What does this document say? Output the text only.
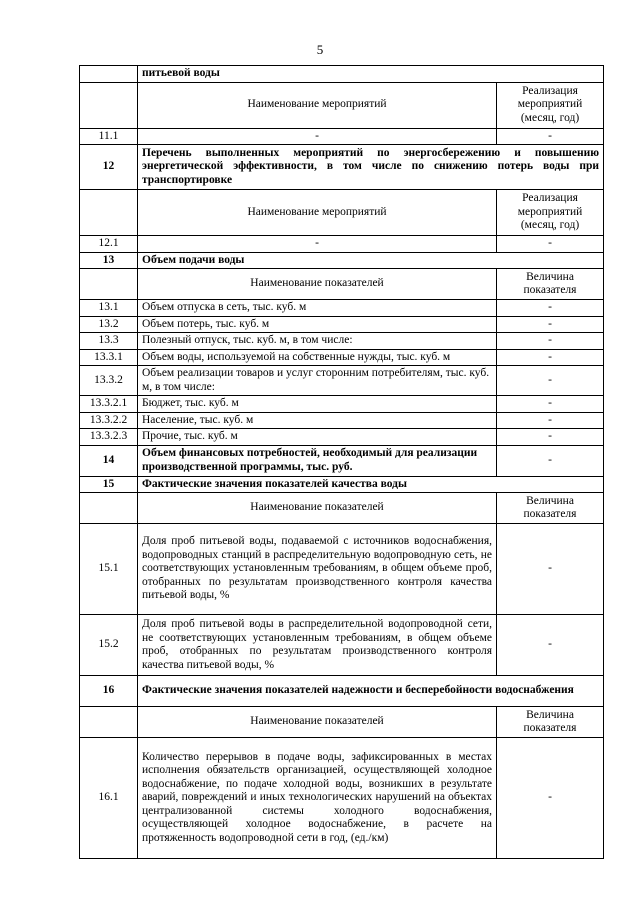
5
	питьевой воды	
	Наименование мероприятий	Реализация мероприятий (месяц, год)
11.1	-	-
12	Перечень выполненных мероприятий по энергосбережению и повышению энергетической эффективности, в том числе по снижению потерь воды при транспортировке	
	Наименование мероприятий	Реализация мероприятий (месяц, год)
12.1	-	-
13	Объем подачи воды	
	Наименование показателей	Величина показателя
13.1	Объем отпуска в сеть, тыс. куб. м	-
13.2	Объем потерь, тыс. куб. м	-
13.3	Полезный отпуск, тыс. куб. м, в том числе:	-
13.3.1	Объем воды, используемой на собственные нужды, тыс. куб. м	-
13.3.2	Объем реализации товаров и услуг сторонним потребителям, тыс. куб. м, в том числе:	-
13.3.2.1	Бюджет, тыс. куб. м	-
13.3.2.2	Население, тыс. куб. м	-
13.3.2.3	Прочие, тыс. куб. м	-
14	Объем финансовых потребностей, необходимый для реализации производственной программы, тыс. руб.	-
15	Фактические значения показателей качества воды	
	Наименование показателей	Величина показателя
15.1	Доля проб питьевой воды, подаваемой с источников водоснабжения, водопроводных станций в распределительную водопроводную сеть, не соответствующих установленным требованиям, в общем объеме проб, отобранных по результатам производственного контроля качества питьевой воды, %	-
15.2	Доля проб питьевой воды в распределительной водопроводной сети, не соответствующих установленным требованиям, в общем объеме проб, отобранных по результатам производственного контроля качества питьевой воды, %	-
16	Фактические значения показателей надежности и бесперебойности водоснабжения	
	Наименование показателей	Величина показателя
16.1	Количество перерывов в подаче воды, зафиксированных в местах исполнения обязательств организацией, осуществляющей холодное водоснабжение, по подаче холодной воды, возникших в результате аварий, повреждений и иных технологических нарушений на объектах централизованной системы холодного водоснабжения, осуществляющей холодное водоснабжение, в расчете на протяженность водопроводной сети в год, (ед./км)	-
